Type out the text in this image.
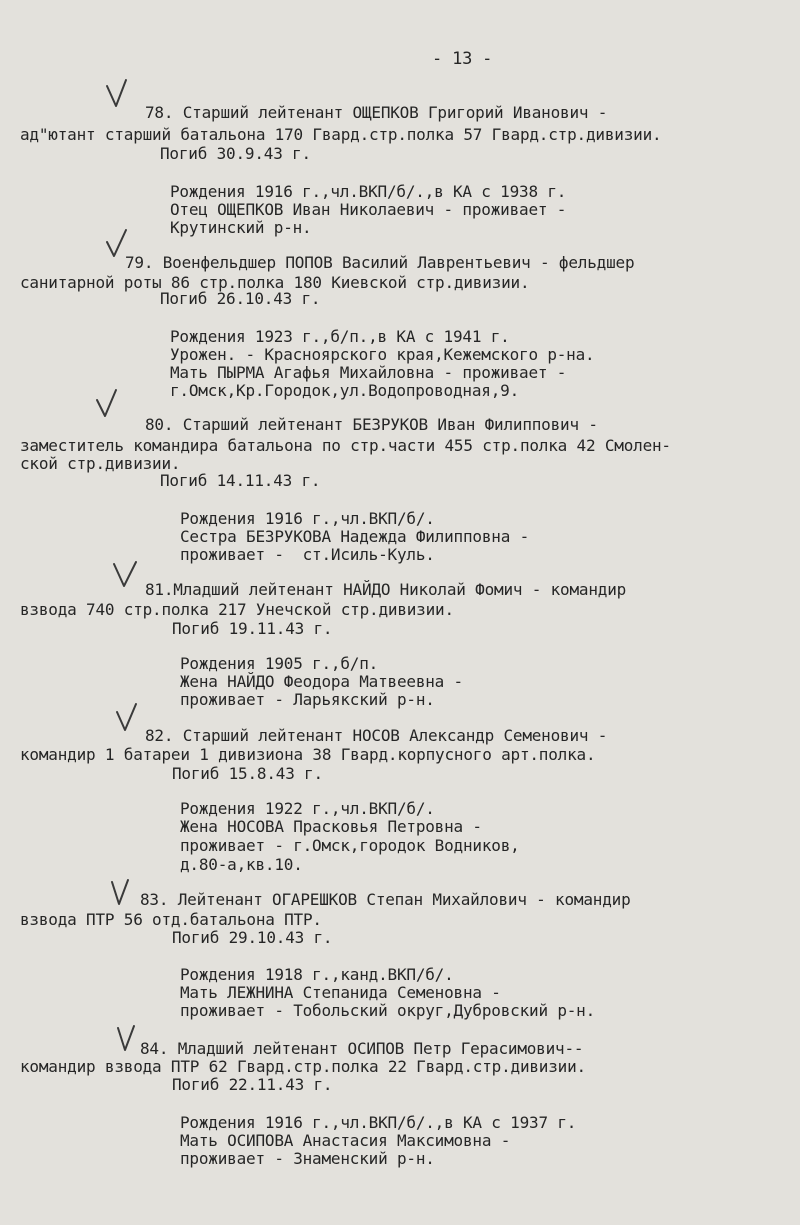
- 13 -
78. Старший лейтенант ОЩЕПКОВ Григорий Иванович -
ад"ютант старший батальона 170 Гвард.стр.полка 57 Гвард.стр.дивизии.
Погиб 30.9.43 г.
Рождения 1916 г.,чл.ВКП/б/.,в КА с 1938 г.
Отец ОЩЕПКОВ Иван Николаевич - проживает -
Крутинский р-н.
79. Военфельдшер ПОПОВ Василий Лаврентьевич - фельдшер
санитарной роты 86 стр.полка 180 Киевской стр.дивизии.
Погиб 26.10.43 г.
Рождения 1923 г.,б/п.,в КА с 1941 г.
Урожен. - Красноярского края,Кежемского р-на.
Мать ПЫРМА Агафья Михайловна - проживает -
г.Омск,Кр.Городок,ул.Водопроводная,9.
80. Старший лейтенант БЕЗРУКОВ Иван Филиппович -
заместитель командира батальона по стр.части 455 стр.полка 42 Смолен-
ской стр.дивизии.
Погиб 14.11.43 г.
Рождения 1916 г.,чл.ВКП/б/.
Сестра БЕЗРУКОВА Надежда Филипповна -
проживает -  ст.Исиль-Куль.
81.Младший лейтенант НАЙДО Николай Фомич - командир
взвода 740 стр.полка 217 Унечской стр.дивизии.
Погиб 19.11.43 г.
Рождения 1905 г.,б/п.
Жена НАЙДО Феодора Матвеевна -
проживает - Ларьякский р-н.
82. Старший лейтенант НОСОВ Александр Семенович -
командир 1 батареи 1 дивизиона 38 Гвард.корпусного арт.полка.
Погиб 15.8.43 г.
Рождения 1922 г.,чл.ВКП/б/.
Жена НОСОВА Прасковья Петровна -
проживает - г.Омск,городок Водников,
д.80-а,кв.10.
83. Лейтенант ОГАРЕШКОВ Степан Михайлович - командир
взвода ПТР 56 отд.батальона ПТР.
Погиб 29.10.43 г.
Рождения 1918 г.,канд.ВКП/б/.
Мать ЛЕЖНИНА Степанида Семеновна -
проживает - Тобольский округ,Дубровский р-н.
84. Младший лейтенант ОСИПОВ Петр Герасимович--
командир взвода ПТР 62 Гвард.стр.полка 22 Гвард.стр.дивизии.
Погиб 22.11.43 г.
Рождения 1916 г.,чл.ВКП/б/.,в КА с 1937 г.
Мать ОСИПОВА Анастасия Максимовна -
проживает - Знаменский р-н.
